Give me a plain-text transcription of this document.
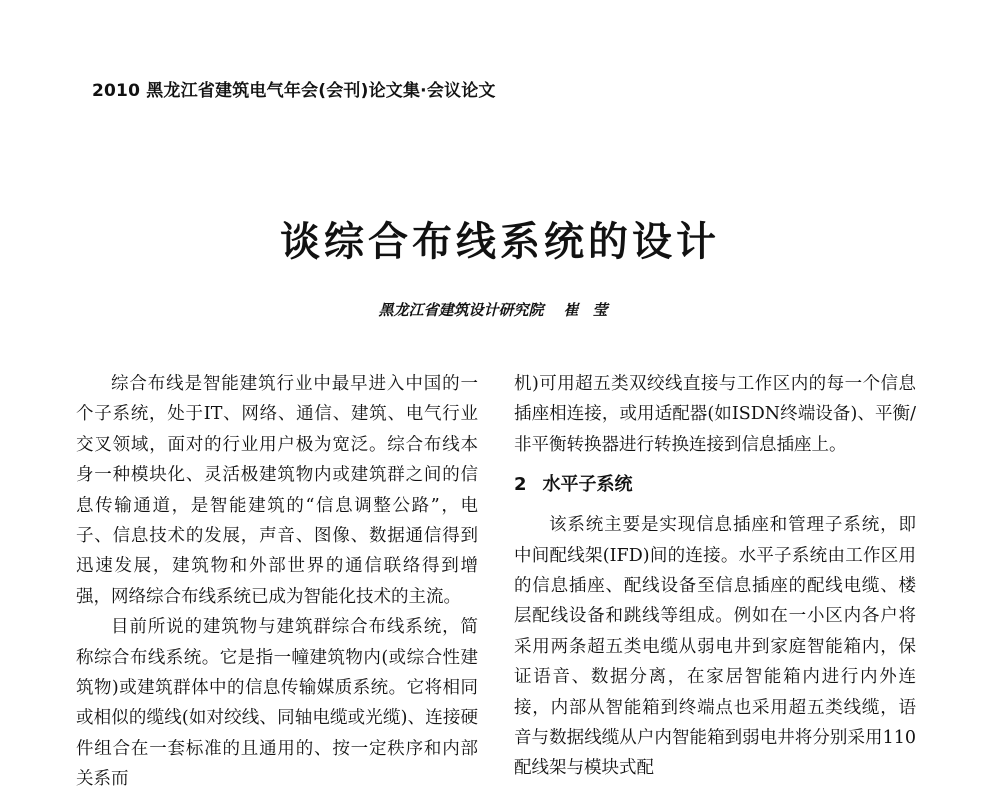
2010 黑龙江省建筑电气年会(会刊)论文集·会议论文
谈综合布线系统的设计
黑龙江省建筑设计研究院 崔莹

综合布线是智能建筑行业中最早进入中国的一个子系统，处于IT、网络、通信、建筑、电气行业交叉领域，面对的行业用户极为宽泛。综合布线本身一种模块化、灵活极建筑物内或建筑群之间的信息传输通道，是智能建筑的“信息调整公路”，电子、信息技术的发展，声音、图像、数据通信得到迅速发展，建筑物和外部世界的通信联络得到增强，网络综合布线系统已成为智能化技术的主流。

目前所说的建筑物与建筑群综合布线系统，简称综合布线系统。它是指一幢建筑物内(或综合性建筑物)或建筑群体中的信息传输媒质系统。它将相同或相似的缆线(如对绞线、同轴电缆或光缆)、连接硬件组合在一套标准的且通用的、按一定秩序和内部关系而

机)可用超五类双绞线直接与工作区内的每一个信息插座相连接，或用适配器(如ISDN终端设备)、平衡/非平衡转换器进行转换连接到信息插座上。

2 水平子系统

该系统主要是实现信息插座和管理子系统，即中间配线架(IFD)间的连接。水平子系统由工作区用的信息插座、配线设备至信息插座的配线电缆、楼层配线设备和跳线等组成。例如在一小区内各户将采用两条超五类电缆从弱电井到家庭智能箱内，保证语音、数据分离，在家居智能箱内进行内外连接，内部从智能箱到终端点也采用超五类线缆，语音与数据线缆从户内智能箱到弱电井将分别采用110配线架与模块式配
